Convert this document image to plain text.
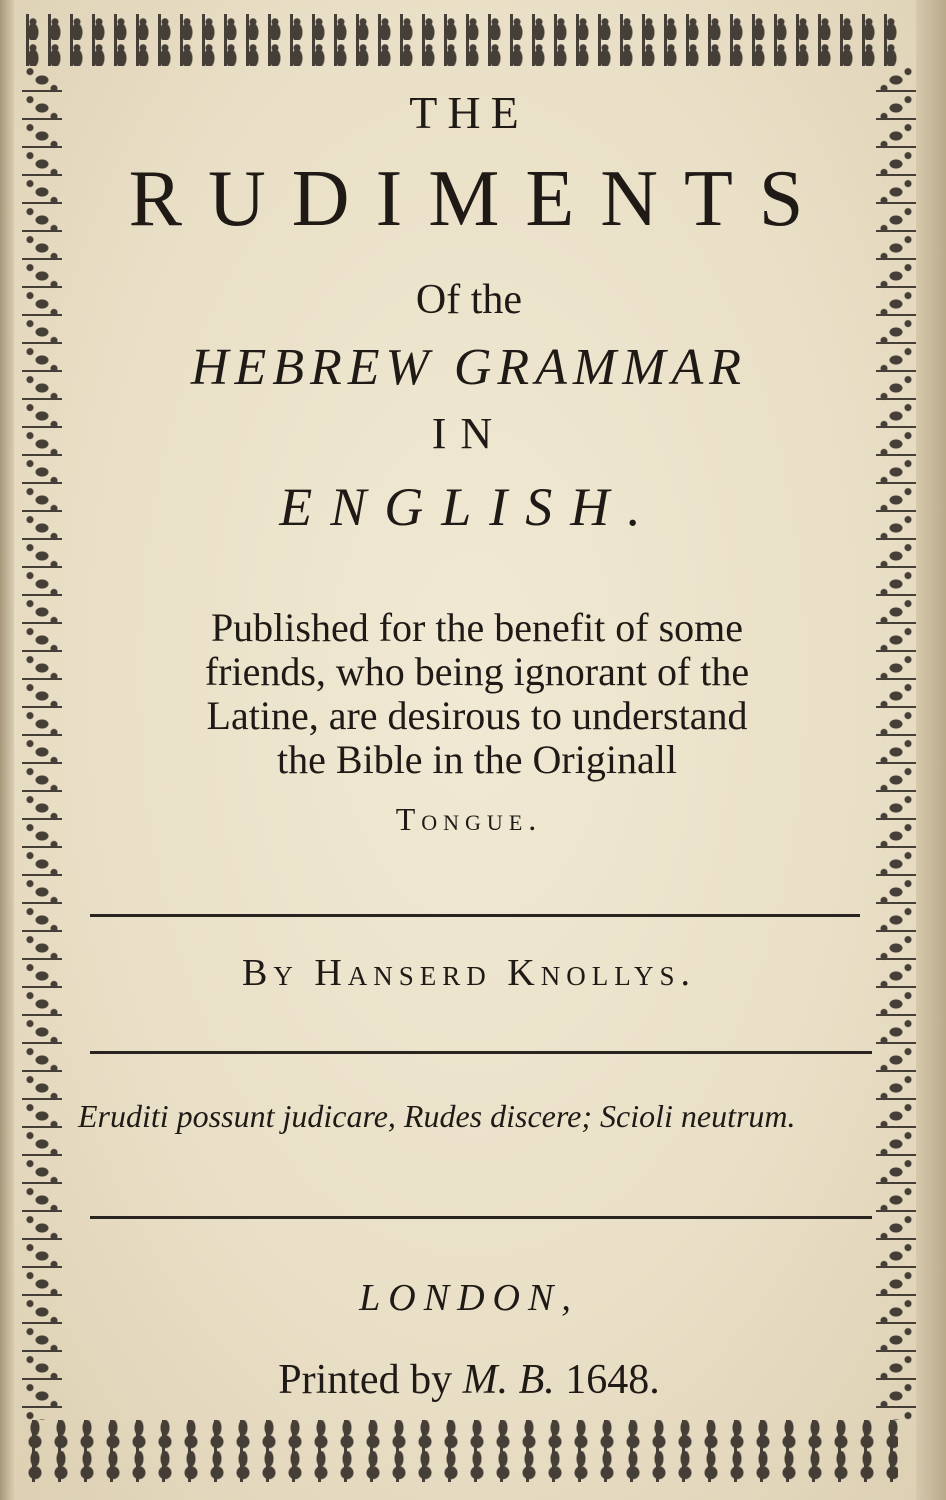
THE

RUDIMENTS

Of the

HEBREW GRAMMAR

IN

ENGLISH.

Published for the benefit of some
friends, who being ignorant of the
Latine, are desirous to understand
the Bible in the Originall

Tongue.

By Hanserd Knollys.

Eruditi possunt judicare, Rudes discere; Scioli neutrum.

LONDON,

Printed by M. B. 1648.
